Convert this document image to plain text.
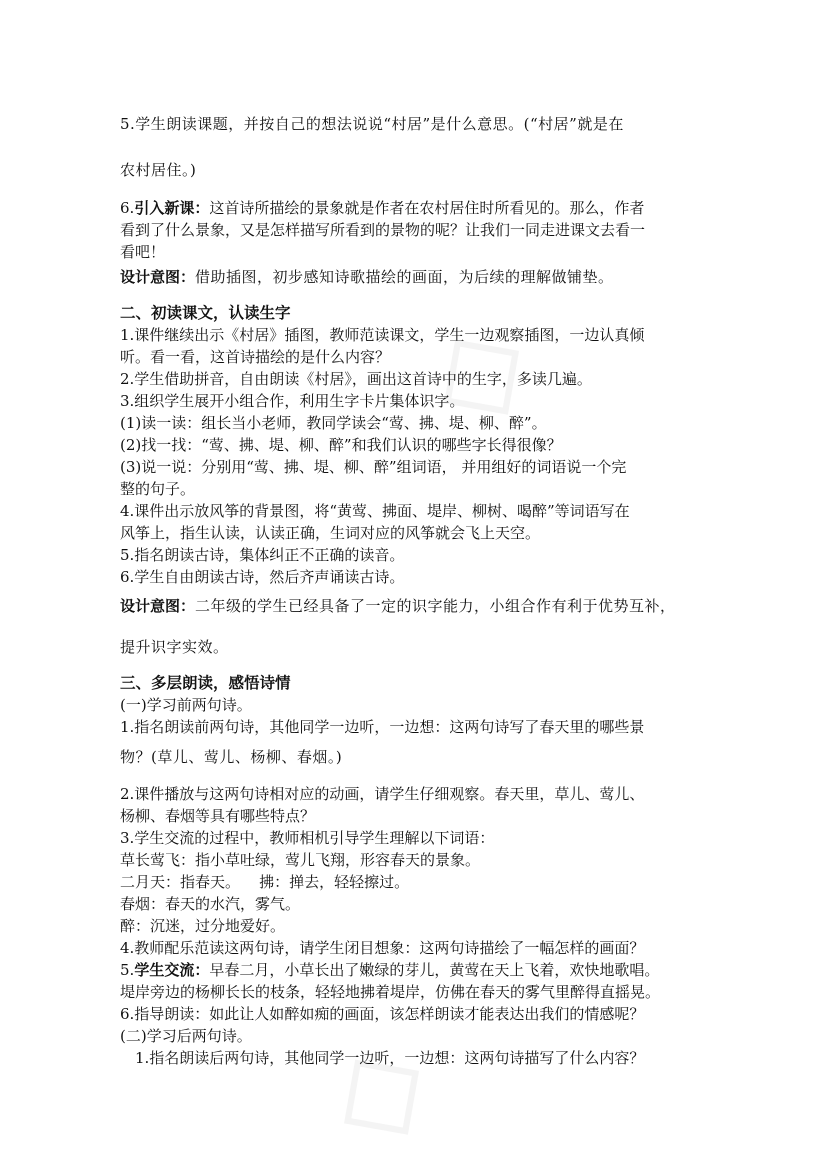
5.学生朗读课题，并按自己的想法说说“村居”是什么意思。(“村居”就是在
农村居住。)
6.引入新课：这首诗所描绘的景象就是作者在农村居住时所看见的。那么，作者
看到了什么景象，又是怎样描写所看到的景物的呢？让我们一同走进课文去看一
看吧！
设计意图：借助插图，初步感知诗歌描绘的画面，为后续的理解做铺垫。
二、初读课文，认读生字
1.课件继续出示《村居》插图，教师范读课文，学生一边观察插图，一边认真倾
听。看一看，这首诗描绘的是什么内容？
2.学生借助拼音，自由朗读《村居》，画出这首诗中的生字，多读几遍。
3.组织学生展开小组合作，利用生字卡片集体识字。
(1)读一读：组长当小老师，教同学读会“莺、拂、堤、柳、醉”。
(2)找一找：“莺、拂、堤、柳、醉”和我们认识的哪些字长得很像？
(3)说一说：分别用“莺、拂、堤、柳、醉”组词语， 并用组好的词语说一个完
整的句子。
4.课件出示放风筝的背景图，将“黄莺、拂面、堤岸、柳树、喝醉”等词语写在
风筝上，指生认读，认读正确，生词对应的风筝就会飞上天空。
5.指名朗读古诗，集体纠正不正确的读音。
6.学生自由朗读古诗，然后齐声诵读古诗。
设计意图：二年级的学生已经具备了一定的识字能力，小组合作有利于优势互补，
提升识字实效。
三、多层朗读，感悟诗情
(一)学习前两句诗。
1.指名朗读前两句诗，其他同学一边听，一边想：这两句诗写了春天里的哪些景
物？(草儿、莺儿、杨柳、春烟。)
2.课件播放与这两句诗相对应的动画，请学生仔细观察。春天里，草儿、莺儿、
杨柳、春烟等具有哪些特点？
3.学生交流的过程中，教师相机引导学生理解以下词语：
草长莺飞：指小草吐绿，莺儿飞翔，形容春天的景象。
二月天：指春天。    拂：掸去，轻轻擦过。
春烟：春天的水汽，雾气。
醉：沉迷，过分地爱好。
4.教师配乐范读这两句诗，请学生闭目想象：这两句诗描绘了一幅怎样的画面？
5.学生交流：早春二月，小草长出了嫩绿的芽儿，黄莺在天上飞着，欢快地歌唱。
堤岸旁边的杨柳长长的枝条，轻轻地拂着堤岸，仿佛在春天的雾气里醉得直摇晃。
6.指导朗读：如此让人如醉如痴的画面，该怎样朗读才能表达出我们的情感呢？
(二)学习后两句诗。
1.指名朗读后两句诗，其他同学一边听，一边想：这两句诗描写了什么内容？
